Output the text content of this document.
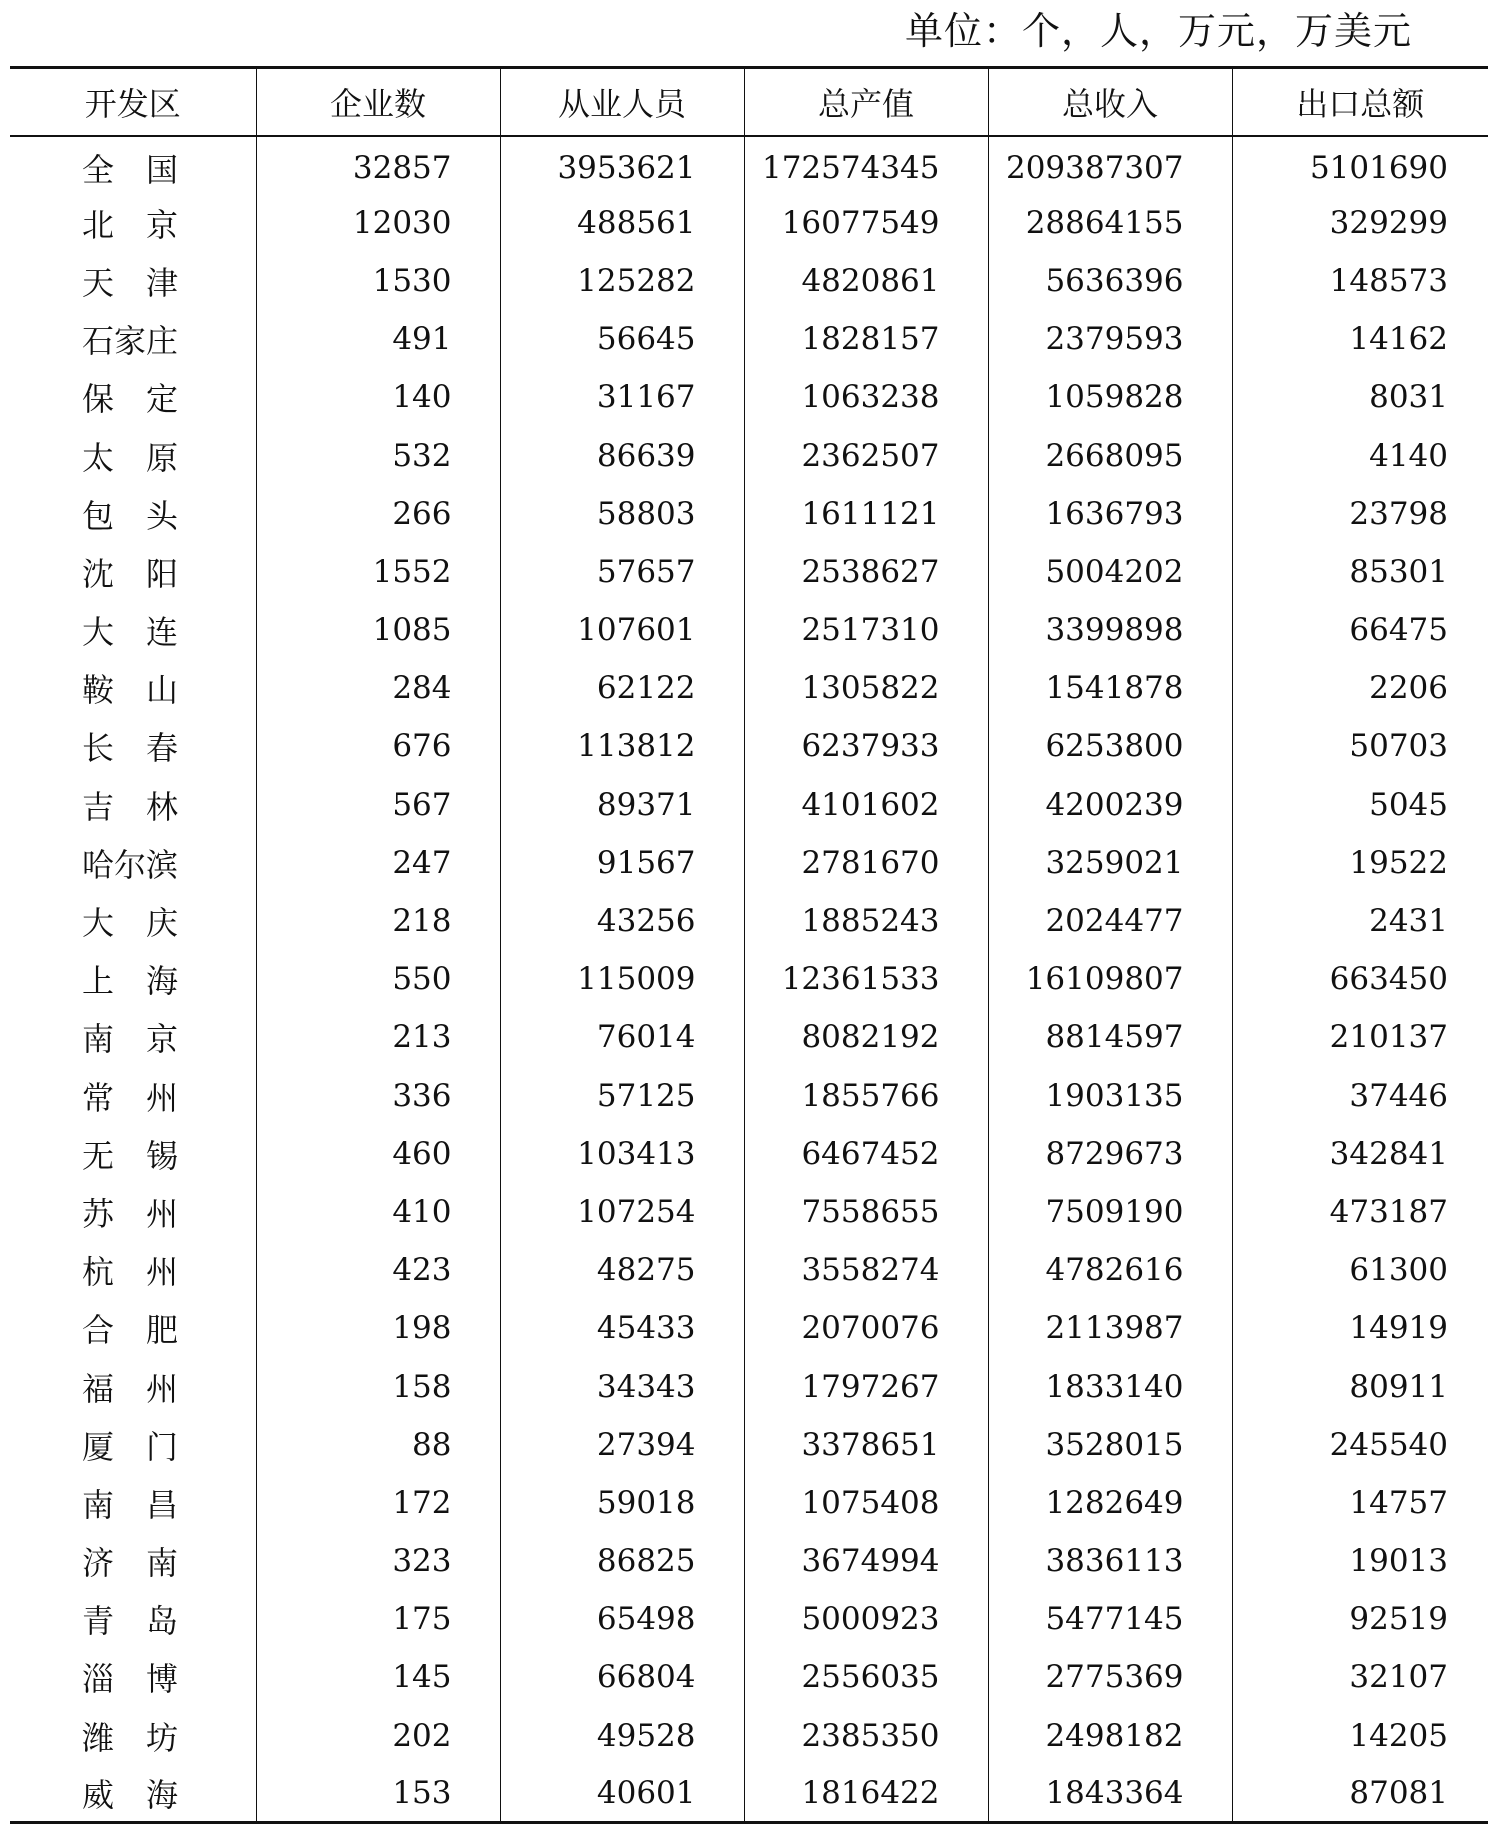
单位：个，人，万元，万美元
开发区	企业数	从业人员	总产值	总收入	出口总额
全　国	32857	3953621	172574345	209387307	5101690
北　京	12030	488561	16077549	28864155	329299
天　津	1530	125282	4820861	5636396	148573
石家庄	491	56645	1828157	2379593	14162
保　定	140	31167	1063238	1059828	8031
太　原	532	86639	2362507	2668095	4140
包　头	266	58803	1611121	1636793	23798
沈　阳	1552	57657	2538627	5004202	85301
大　连	1085	107601	2517310	3399898	66475
鞍　山	284	62122	1305822	1541878	2206
长　春	676	113812	6237933	6253800	50703
吉　林	567	89371	4101602	4200239	5045
哈尔滨	247	91567	2781670	3259021	19522
大　庆	218	43256	1885243	2024477	2431
上　海	550	115009	12361533	16109807	663450
南　京	213	76014	8082192	8814597	210137
常　州	336	57125	1855766	1903135	37446
无　锡	460	103413	6467452	8729673	342841
苏　州	410	107254	7558655	7509190	473187
杭　州	423	48275	3558274	4782616	61300
合　肥	198	45433	2070076	2113987	14919
福　州	158	34343	1797267	1833140	80911
厦　门	88	27394	3378651	3528015	245540
南　昌	172	59018	1075408	1282649	14757
济　南	323	86825	3674994	3836113	19013
青　岛	175	65498	5000923	5477145	92519
淄　博	145	66804	2556035	2775369	32107
潍　坊	202	49528	2385350	2498182	14205
威　海	153	40601	1816422	1843364	87081
